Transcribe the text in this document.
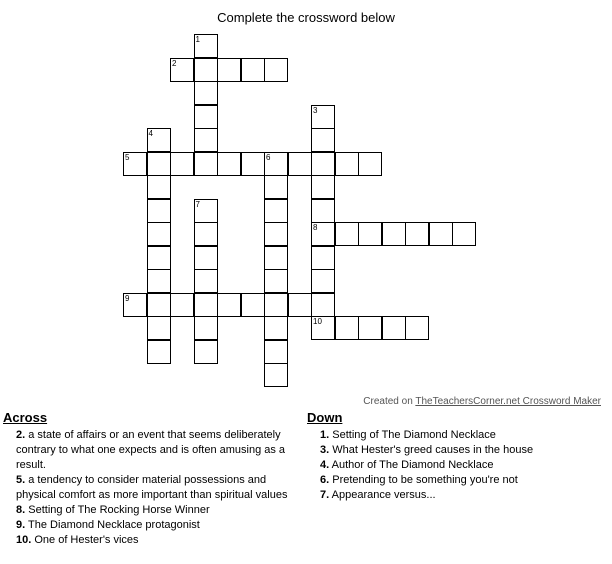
Complete the crossword below
2
5	6
8
9
10
1
3
4
7
Created on TheTeachersCorner.net Crossword Maker
Across	Down

2. a state of affairs or an event that seems deliberately contrary to what one expects and is often amusing as a result.

5. a tendency to consider material possessions and physical comfort as more important than spiritual values

8. Setting of The Rocking Horse Winner

9. The Diamond Necklace protagonist

10. One of Hester's vices

1. Setting of The Diamond Necklace

3. What Hester's greed causes in the house

4. Author of The Diamond Necklace

6. Pretending to be something you're not

7. Appearance versus...
